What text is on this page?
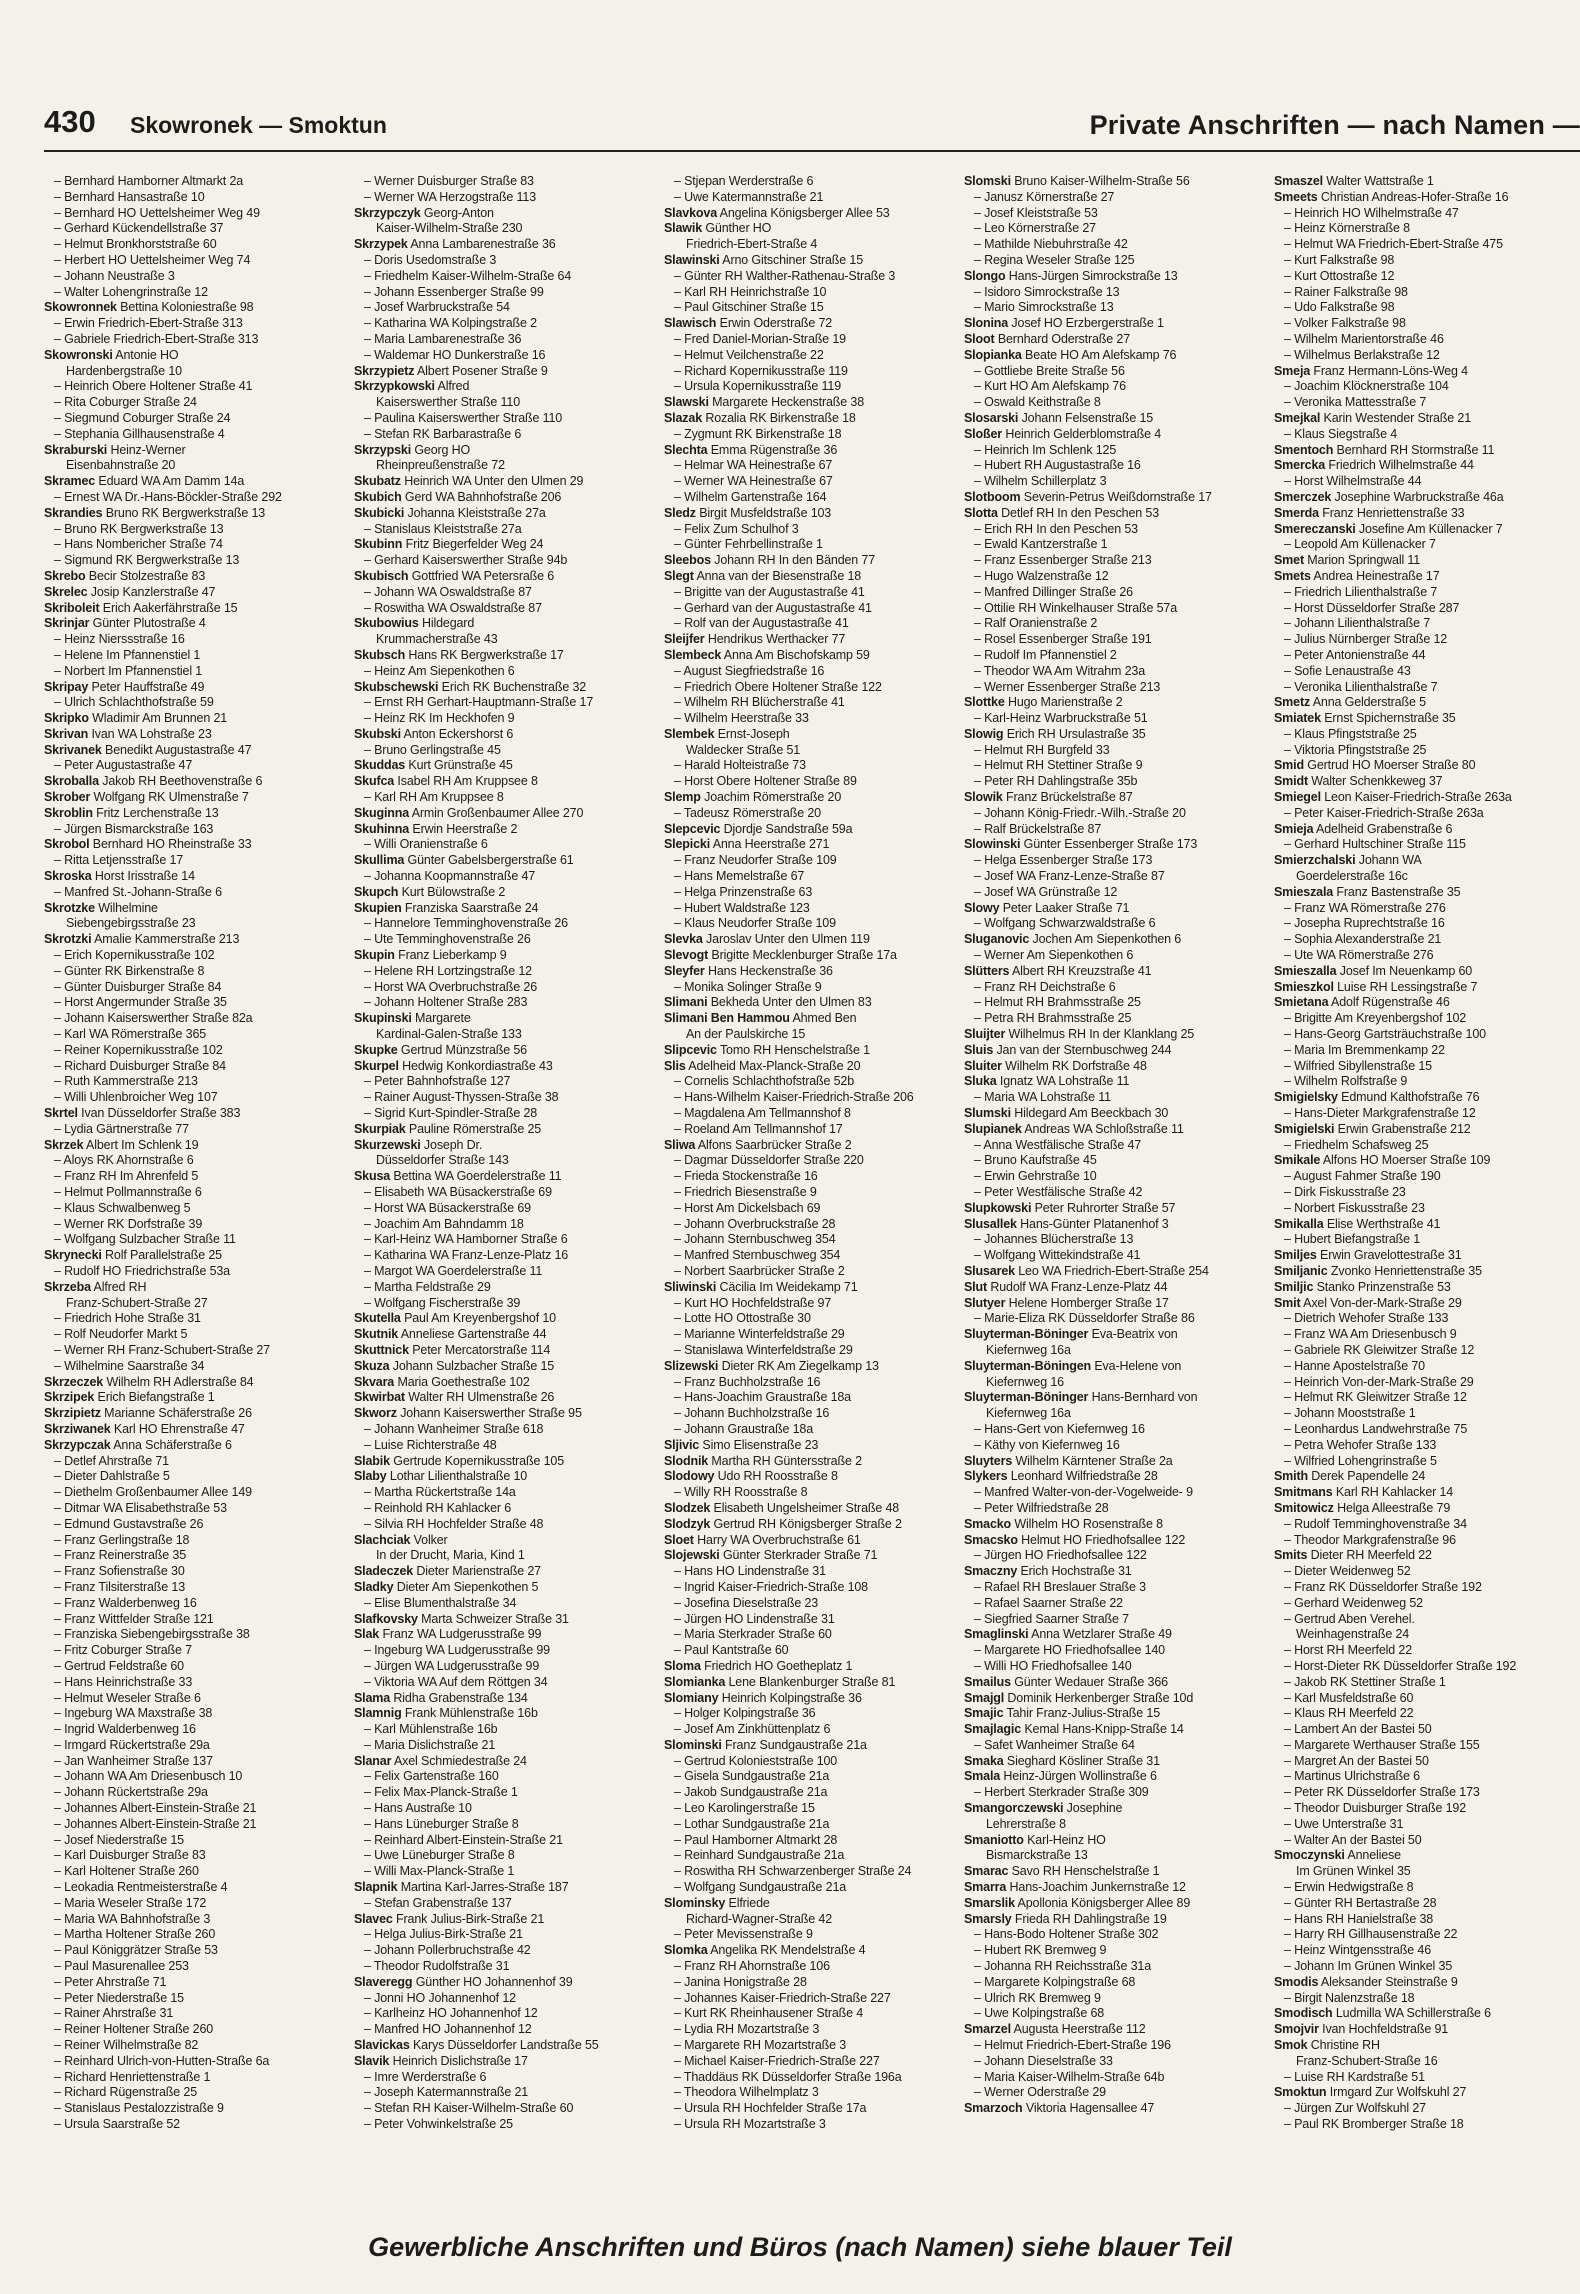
430 Skowronek — Smoktun	Private Anschriften — nach Namen —
– Bernhard Hamborner Altmarkt 2a
– Bernhard Hansastraße 10
– Bernhard HO Uettelsheimer Weg 49
– Gerhard Kückendellstraße 37
– Helmut Bronkhorststraße 60
– Herbert HO Uettelsheimer Weg 74
– Johann Neustraße 3
– Walter Lohengrinstraße 12
Skowronnek Bettina Koloniestraße 98
– Erwin Friedrich-Ebert-Straße 313
– Gabriele Friedrich-Ebert-Straße 313
Skowronski Antonie HO
Hardenbergstraße 10
– Heinrich Obere Holtener Straße 41
– Rita Coburger Straße 24
– Siegmund Coburger Straße 24
– Stephania Gillhausenstraße 4
Skraburski Heinz-Werner
Eisenbahnstraße 20
Skramec Eduard WA Am Damm 14a
– Ernest WA Dr.-Hans-Böckler-Straße 292
Skrandies Bruno RK Bergwerkstraße 13
– Bruno RK Bergwerkstraße 13
– Hans Nombericher Straße 74
– Sigmund RK Bergwerkstraße 13
Skrebo Becir Stolzestraße 83
Skrelec Josip Kanzlerstraße 47
Skriboleit Erich Aakerfährstraße 15
Skrinjar Günter Plutostraße 4
– Heinz Nierssstraße 16
– Helene Im Pfannenstiel 1
– Norbert Im Pfannenstiel 1
Skripay Peter Hauffstraße 49
– Ulrich Schlachthofstraße 59
Skripko Wladimir Am Brunnen 21
Skrivan Ivan WA Lohstraße 23
Skrivanek Benedikt Augustastraße 47
– Peter Augustastraße 47
Skroballa Jakob RH Beethovenstraße 6
Skrober Wolfgang RK Ulmenstraße 7
Skroblin Fritz Lerchenstraße 13
– Jürgen Bismarckstraße 163
Skrobol Bernhard HO Rheinstraße 33
– Ritta Letjensstraße 17
Skroska Horst Irisstraße 14
– Manfred St.-Johann-Straße 6
Skrotzke Wilhelmine
Siebengebirgsstraße 23
Skrotzki Amalie Kammerstraße 213
– Erich Kopernikusstraße 102
– Günter RK Birkenstraße 8
– Günter Duisburger Straße 84
– Horst Angermunder Straße 35
– Johann Kaiserswerther Straße 82a
– Karl WA Römerstraße 365
– Reiner Kopernikusstraße 102
– Richard Duisburger Straße 84
– Ruth Kammerstraße 213
– Willi Uhlenbroicher Weg 107
Skrtel Ivan Düsseldorfer Straße 383
– Lydia Gärtnerstraße 77
Skrzek Albert Im Schlenk 19
– Aloys RK Ahornstraße 6
– Franz RH Im Ahrenfeld 5
– Helmut Pollmannstraße 6
– Klaus Schwalbenweg 5
– Werner RK Dorfstraße 39
– Wolfgang Sulzbacher Straße 11
Skrynecki Rolf Parallelstraße 25
– Rudolf HO Friedrichstraße 53a
Skrzeba Alfred RH
Franz-Schubert-Straße 27
– Friedrich Hohe Straße 31
– Rolf Neudorfer Markt 5
– Werner RH Franz-Schubert-Straße 27
– Wilhelmine Saarstraße 34
Skrzeczek Wilhelm RH Adlerstraße 84
Skrzipek Erich Biefangstraße 1
Skrzipietz Marianne Schäferstraße 26
Skrziwanek Karl HO Ehrenstraße 47
Skrzypczak Anna Schäferstraße 6
– Detlef Ahrstraße 71
– Dieter Dahlstraße 5
– Diethelm Großenbaumer Allee 149
– Ditmar WA Elisabethstraße 53
– Edmund Gustavstraße 26
– Franz Gerlingstraße 18
– Franz Reinerstraße 35
– Franz Sofienstraße 30
– Franz Tilsiterstraße 13
– Franz Walderbenweg 16
– Franz Wittfelder Straße 121
– Franziska Siebengebirgsstraße 38
– Fritz Coburger Straße 7
– Gertrud Feldstraße 60
– Hans Heinrichstraße 33
– Helmut Weseler Straße 6
– Ingeburg WA Maxstraße 38
– Ingrid Walderbenweg 16
– Irmgard Rückertstraße 29a
– Jan Wanheimer Straße 137
– Johann WA Am Driesenbusch 10
– Johann Rückertstraße 29a
– Johannes Albert-Einstein-Straße 21
– Johannes Albert-Einstein-Straße 21
– Josef Niederstraße 15
– Karl Duisburger Straße 83
– Karl Holtener Straße 260
– Leokadia Rentmeisterstraße 4
– Maria Weseler Straße 172
– Maria WA Bahnhofstraße 3
– Martha Holtener Straße 260
– Paul Königgrätzer Straße 53
– Paul Masurenallee 253
– Peter Ahrstraße 71
– Peter Niederstraße 15
– Rainer Ahrstraße 31
– Reiner Holtener Straße 260
– Reiner Wilhelmstraße 82
– Reinhard Ulrich-von-Hutten-Straße 6a
– Richard Henriettenstraße 1
– Richard Rügenstraße 25
– Stanislaus Pestalozzistraße 9
– Ursula Saarstraße 52
– Werner Duisburger Straße 83
– Werner WA Herzogstraße 113
Skrzypczyk Georg-Anton
Kaiser-Wilhelm-Straße 230
Skrzypek Anna Lambarenestraße 36
– Doris Usedomstraße 3
– Friedhelm Kaiser-Wilhelm-Straße 64
– Johann Essenberger Straße 99
– Josef Warbruckstraße 54
– Katharina WA Kolpingstraße 2
– Maria Lambarenestraße 36
– Waldemar HO Dunkerstraße 16
Skrzypietz Albert Posener Straße 9
Skrzypkowski Alfred
Kaiserswerther Straße 110
– Paulina Kaiserswerther Straße 110
– Stefan RK Barbarastraße 6
Skrzypski Georg HO
Rheinpreußenstraße 72
Skubatz Heinrich WA Unter den Ulmen 29
Skubich Gerd WA Bahnhofstraße 206
Skubicki Johanna Kleiststraße 27a
– Stanislaus Kleiststraße 27a
Skubinn Fritz Biegerfelder Weg 24
– Gerhard Kaiserswerther Straße 94b
Skubisch Gottfried WA Petersraße 6
– Johann WA Oswaldstraße 87
– Roswitha WA Oswaldstraße 87
Skubowius Hildegard
Krummacherstraße 43
Skubsch Hans RK Bergwerkstraße 17
– Heinz Am Siepenkothen 6
Skubschewski Erich RK Buchenstraße 32
– Ernst RH Gerhart-Hauptmann-Straße 17
– Heinz RK Im Heckhofen 9
Skubski Anton Eckershorst 6
– Bruno Gerlingstraße 45
Skuddas Kurt Grünstraße 45
Skufca Isabel RH Am Kruppsee 8
– Karl RH Am Kruppsee 8
Skuginna Armin Großenbaumer Allee 270
Skuhinna Erwin Heerstraße 2
– Willi Oranienstraße 6
Skullima Günter Gabelsbergerstraße 61
– Johanna Koopmannstraße 47
Skupch Kurt Bülowstraße 2
Skupien Franziska Saarstraße 24
– Hannelore Temminghovenstraße 26
– Ute Temminghovenstraße 26
Skupin Franz Lieberkamp 9
– Helene RH Lortzingstraße 12
– Horst WA Overbruchstraße 26
– Johann Holtener Straße 283
Skupinski Margarete
Kardinal-Galen-Straße 133
Skupke Gertrud Münzstraße 56
Skurpel Hedwig Konkordiastraße 43
– Peter Bahnhofstraße 127
– Rainer August-Thyssen-Straße 38
– Sigrid Kurt-Spindler-Straße 28
Skurpiak Pauline Römerstraße 25
Skurzewski Joseph Dr.
Düsseldorfer Straße 143
Skusa Bettina WA Goerdelerstraße 11
– Elisabeth WA Büsackerstraße 69
– Horst WA Büsackerstraße 69
– Joachim Am Bahndamm 18
– Karl-Heinz WA Hamborner Straße 6
– Katharina WA Franz-Lenze-Platz 16
– Margot WA Goerdelerstraße 11
– Martha Feldstraße 29
– Wolfgang Fischerstraße 39
Skutella Paul Am Kreyenbergshof 10
Skutnik Anneliese Gartenstraße 44
Skuttnick Peter Mercatorstraße 114
Skuza Johann Sulzbacher Straße 15
Skvara Maria Goethestraße 102
Skwirbat Walter RH Ulmenstraße 26
Skworz Johann Kaiserswerther Straße 95
– Johann Wanheimer Straße 618
– Luise Richterstraße 48
Slabik Gertrude Kopernikusstraße 105
Slaby Lothar Lilienthalstraße 10
– Martha Rückertstraße 14a
– Reinhold RH Kahlacker 6
– Silvia RH Hochfelder Straße 48
Slachciak Volker
In der Drucht, Maria, Kind 1
Sladeczek Dieter Marienstraße 27
Sladky Dieter Am Siepenkothen 5
– Elise Blumenthalstraße 34
Slafkovsky Marta Schweizer Straße 31
Slak Franz WA Ludgerusstraße 99
– Ingeburg WA Ludgerusstraße 99
– Jürgen WA Ludgerusstraße 99
– Viktoria WA Auf dem Röttgen 34
Slama Ridha Grabenstraße 134
Slamnig Frank Mühlenstraße 16b
– Karl Mühlenstraße 16b
– Maria Dislichstraße 21
Slanar Axel Schmiedestraße 24
– Felix Gartenstraße 160
– Felix Max-Planck-Straße 1
– Hans Austraße 10
– Hans Lüneburger Straße 8
– Reinhard Albert-Einstein-Straße 21
– Uwe Lüneburger Straße 8
– Willi Max-Planck-Straße 1
Slapnik Martina Karl-Jarres-Straße 187
– Stefan Grabenstraße 137
Slavec Frank Julius-Birk-Straße 21
– Helga Julius-Birk-Straße 21
– Johann Pollerbruchstraße 42
– Theodor Rudolfstraße 31
Slaveregg Günther HO Johannenhof 39
– Jonni HO Johannenhof 12
– Karlheinz HO Johannenhof 12
– Manfred HO Johannenhof 12
Slavickas Karys Düsseldorfer Landstraße 55
Slavik Heinrich Dislichstraße 17
– Imre Werderstraße 6
– Joseph Katermannstraße 21
– Stefan RH Kaiser-Wilhelm-Straße 60
– Peter Vohwinkelstraße 25
– Stjepan Werderstraße 6
– Uwe Katermannstraße 21
Slavkova Angelina Königsberger Allee 53
Slawik Günther HO
Friedrich-Ebert-Straße 4
Slawinski Arno Gitschiner Straße 15
– Günter RH Walther-Rathenau-Straße 3
– Karl RH Heinrichstraße 10
– Paul Gitschiner Straße 15
Slawisch Erwin Oderstraße 72
– Fred Daniel-Morian-Straße 19
– Helmut Veilchenstraße 22
– Richard Kopernikusstraße 119
– Ursula Kopernikusstraße 119
Slawski Margarete Heckenstraße 38
Slazak Rozalia RK Birkenstraße 18
– Zygmunt RK Birkenstraße 18
Slechta Emma Rügenstraße 36
– Helmar WA Heinestraße 67
– Werner WA Heinestraße 67
– Wilhelm Gartenstraße 164
Sledz Birgit Musfeldstraße 103
– Felix Zum Schulhof 3
– Günter Fehrbellinstraße 1
Sleebos Johann RH In den Bänden 77
Slegt Anna van der Biesenstraße 18
– Brigitte van der Augustastraße 41
– Gerhard van der Augustastraße 41
– Rolf van der Augustastraße 41
Sleijfer Hendrikus Werthacker 77
Slembeck Anna Am Bischofskamp 59
– August Siegfriedstraße 16
– Friedrich Obere Holtener Straße 122
– Wilhelm RH Blücherstraße 41
– Wilhelm Heerstraße 33
Slembek Ernst-Joseph
Waldecker Straße 51
– Harald Holteistraße 73
– Horst Obere Holtener Straße 89
Slemp Joachim Römerstraße 20
– Tadeusz Römerstraße 20
Slepcevic Djordje Sandstraße 59a
Slepicki Anna Heerstraße 271
– Franz Neudorfer Straße 109
– Hans Memelstraße 67
– Helga Prinzenstraße 63
– Hubert Waldstraße 123
– Klaus Neudorfer Straße 109
Slevka Jaroslav Unter den Ulmen 119
Slevogt Brigitte Mecklenburger Straße 17a
Sleyfer Hans Heckenstraße 36
– Monika Solinger Straße 9
Slimani Bekheda Unter den Ulmen 83
Slimani Ben Hammou Ahmed Ben
An der Paulskirche 15
Slipcevic Tomo RH Henschelstraße 1
Slis Adelheid Max-Planck-Straße 20
– Cornelis Schlachthofstraße 52b
– Hans-Wilhelm Kaiser-Friedrich-Straße 206
– Magdalena Am Tellmannshof 8
– Roeland Am Tellmannshof 17
Sliwa Alfons Saarbrücker Straße 2
– Dagmar Düsseldorfer Straße 220
– Frieda Stockenstraße 16
– Friedrich Biesenstraße 9
– Horst Am Dickelsbach 69
– Johann Overbruckstraße 28
– Johann Sternbuschweg 354
– Manfred Sternbuschweg 354
– Norbert Saarbrücker Straße 2
Sliwinski Cäcilia Im Weidekamp 71
– Kurt HO Hochfeldstraße 97
– Lotte HO Ottostraße 30
– Marianne Winterfeldstraße 29
– Stanislawa Winterfeldstraße 29
Slizewski Dieter RK Am Ziegelkamp 13
– Franz Buchholzstraße 16
– Hans-Joachim Graustraße 18a
– Johann Buchholzstraße 16
– Johann Graustraße 18a
Sljivic Simo Elisenstraße 23
Slodnik Martha RH Güntersstraße 2
Slodowy Udo RH Roosstraße 8
– Willy RH Roosstraße 8
Slodzek Elisabeth Ungelsheimer Straße 48
Slodzyk Gertrud RH Königsberger Straße 2
Sloet Harry WA Overbruchstraße 61
Slojewski Günter Sterkrader Straße 71
– Hans HO Lindenstraße 31
– Ingrid Kaiser-Friedrich-Straße 108
– Josefina Dieselstraße 23
– Jürgen HO Lindenstraße 31
– Maria Sterkrader Straße 60
– Paul Kantstraße 60
Sloma Friedrich HO Goetheplatz 1
Slomianka Lene Blankenburger Straße 81
Slomiany Heinrich Kolpingstraße 36
– Holger Kolpingstraße 36
– Josef Am Zinkhüttenplatz 6
Slominski Franz Sundgaustraße 21a
– Gertrud Kolonieststraße 100
– Gisela Sundgaustraße 21a
– Jakob Sundgaustraße 21a
– Leo Karolingerstraße 15
– Lothar Sundgaustraße 21a
– Paul Hamborner Altmarkt 28
– Reinhard Sundgaustraße 21a
– Roswitha RH Schwarzenberger Straße 24
– Wolfgang Sundgaustraße 21a
Slominsky Elfriede
Richard-Wagner-Straße 42
– Peter Mevissenstraße 9
Slomka Angelika RK Mendelstraße 4
– Franz RH Ahornstraße 106
– Janina Honigstraße 28
– Johannes Kaiser-Friedrich-Straße 227
– Kurt RK Rheinhausener Straße 4
– Lydia RH Mozartstraße 3
– Margarete RH Mozartstraße 3
– Michael Kaiser-Friedrich-Straße 227
– Thaddäus RK Düsseldorfer Straße 196a
– Theodora Wilhelmplatz 3
– Ursula RH Hochfelder Straße 17a
– Ursula RH Mozartstraße 3
Slomski Bruno Kaiser-Wilhelm-Straße 56
– Janusz Körnerstraße 27
– Josef Kleiststraße 53
– Leo Körnerstraße 27
– Mathilde Niebuhrstraße 42
– Regina Weseler Straße 125
Slongo Hans-Jürgen Simrockstraße 13
– Isidoro Simrockstraße 13
– Mario Simrockstraße 13
Slonina Josef HO Erzbergerstraße 1
Sloot Bernhard Oderstraße 27
Slopianka Beate HO Am Alefskamp 76
– Gottliebe Breite Straße 56
– Kurt HO Am Alefskamp 76
– Oswald Keithstraße 8
Slosarski Johann Felsenstraße 15
Sloßer Heinrich Gelderblomstraße 4
– Heinrich Im Schlenk 125
– Hubert RH Augustastraße 16
– Wilhelm Schillerplatz 3
Slotboom Severin-Petrus Weißdornstraße 17
Slotta Detlef RH In den Peschen 53
– Erich RH In den Peschen 53
– Ewald Kantzerstraße 1
– Franz Essenberger Straße 213
– Hugo Walzenstraße 12
– Manfred Dillinger Straße 26
– Ottilie RH Winkelhauser Straße 57a
– Ralf Oranienstraße 2
– Rosel Essenberger Straße 191
– Rudolf Im Pfannenstiel 2
– Theodor WA Am Witrahm 23a
– Werner Essenberger Straße 213
Slottke Hugo Marienstraße 2
– Karl-Heinz Warbruckstraße 51
Slowig Erich RH Ursulastraße 35
– Helmut RH Burgfeld 33
– Helmut RH Stettiner Straße 9
– Peter RH Dahlingstraße 35b
Slowik Franz Brückelstraße 87
– Johann König-Friedr.-Wilh.-Straße 20
– Ralf Brückelstraße 87
Slowinski Günter Essenberger Straße 173
– Helga Essenberger Straße 173
– Josef WA Franz-Lenze-Straße 87
– Josef WA Grünstraße 12
Slowy Peter Laaker Straße 71
– Wolfgang Schwarzwaldstraße 6
Sluganovic Jochen Am Siepenkothen 6
– Werner Am Siepenkothen 6
Slütters Albert RH Kreuzstraße 41
– Franz RH Deichstraße 6
– Helmut RH Brahmsstraße 25
– Petra RH Brahmsstraße 25
Sluijter Wilhelmus RH In der Klanklang 25
Sluis Jan van der Sternbuschweg 244
Sluiter Wilhelm RK Dorfstraße 48
Sluka Ignatz WA Lohstraße 11
– Maria WA Lohstraße 11
Slumski Hildegard Am Beeckbach 30
Slupianek Andreas WA Schloßstraße 11
– Anna Westfälische Straße 47
– Bruno Kaufstraße 45
– Erwin Gehrstraße 10
– Peter Westfälische Straße 42
Slupkowski Peter Ruhrorter Straße 57
Slusallek Hans-Günter Platanenhof 3
– Johannes Blücherstraße 13
– Wolfgang Wittekindstraße 41
Slusarek Leo WA Friedrich-Ebert-Straße 254
Slut Rudolf WA Franz-Lenze-Platz 44
Slutyer Helene Homberger Straße 17
– Marie-Eliza RK Düsseldorfer Straße 86
Sluyterman-Böninger Eva-Beatrix von
Kiefernweg 16a
Sluyterman-Böningen Eva-Helene von
Kiefernweg 16
Sluyterman-Böninger Hans-Bernhard von
Kiefernweg 16a
– Hans-Gert von Kiefernweg 16
– Käthy von Kiefernweg 16
Sluyters Wilhelm Kärntener Straße 2a
Slykers Leonhard Wilfriedstraße 28
– Manfred Walter-von-der-Vogelweide- 9
– Peter Wilfriedstraße 28
Smacko Wilhelm HO Rosenstraße 8
Smacsko Helmut HO Friedhofsallee 122
– Jürgen HO Friedhofsallee 122
Smaczny Erich Hochstraße 31
– Rafael RH Breslauer Straße 3
– Rafael Saarner Straße 22
– Siegfried Saarner Straße 7
Smaglinski Anna Wetzlarer Straße 49
– Margarete HO Friedhofsallee 140
– Willi HO Friedhofsallee 140
Smailus Günter Wedauer Straße 366
Smajgl Dominik Herkenberger Straße 10d
Smajic Tahir Franz-Julius-Straße 15
Smajlagic Kemal Hans-Knipp-Straße 14
– Safet Wanheimer Straße 64
Smaka Sieghard Kösliner Straße 31
Smala Heinz-Jürgen Wollinstraße 6
– Herbert Sterkrader Straße 309
Smangorczewski Josephine
Lehrerstraße 8
Smaniotto Karl-Heinz HO
Bismarckstraße 13
Smarac Savo RH Henschelstraße 1
Smarra Hans-Joachim Junkernstraße 12
Smarslik Apollonia Königsberger Allee 89
Smarsly Frieda RH Dahlingstraße 19
– Hans-Bodo Holtener Straße 302
– Hubert RK Bremweg 9
– Johanna RH Reichsstraße 31a
– Margarete Kolpingstraße 68
– Ulrich RK Bremweg 9
– Uwe Kolpingstraße 68
Smarzel Augusta Heerstraße 112
– Helmut Friedrich-Ebert-Straße 196
– Johann Dieselstraße 33
– Maria Kaiser-Wilhelm-Straße 64b
– Werner Oderstraße 29
Smarzoch Viktoria Hagensallee 47
Smaszel Walter Wattstraße 1
Smeets Christian Andreas-Hofer-Straße 16
– Heinrich HO Wilhelmstraße 47
– Heinz Körnerstraße 8
– Helmut WA Friedrich-Ebert-Straße 475
– Kurt Falkstraße 98
– Kurt Ottostraße 12
– Rainer Falkstraße 98
– Udo Falkstraße 98
– Volker Falkstraße 98
– Wilhelm Marientorstraße 46
– Wilhelmus Berlakstraße 12
Smeja Franz Hermann-Löns-Weg 4
– Joachim Klöcknerstraße 104
– Veronika Mattesstraße 7
Smejkal Karin Westender Straße 21
– Klaus Siegstraße 4
Smentoch Bernhard RH Stormstraße 11
Smercka Friedrich Wilhelmstraße 44
– Horst Wilhelmstraße 44
Smerczek Josephine Warbruckstraße 46a
Smerda Franz Henriettenstraße 33
Smereczanski Josefine Am Küllenacker 7
– Leopold Am Küllenacker 7
Smet Marion Springwall 11
Smets Andrea Heinestraße 17
– Friedrich Lilienthalstraße 7
– Horst Düsseldorfer Straße 287
– Johann Lilienthalstraße 7
– Julius Nürnberger Straße 12
– Peter Antonienstraße 44
– Sofie Lenaustraße 43
– Veronika Lilienthalstraße 7
Smetz Anna Gelderstraße 5
Smiatek Ernst Spichernstraße 35
– Klaus Pfingststraße 25
– Viktoria Pfingststraße 25
Smid Gertrud HO Moerser Straße 80
Smidt Walter Schenkkeweg 37
Smiegel Leon Kaiser-Friedrich-Straße 263a
– Peter Kaiser-Friedrich-Straße 263a
Smieja Adelheid Grabenstraße 6
– Gerhard Hultschiner Straße 115
Smierzchalski Johann WA
Goerdelerstraße 16c
Smieszala Franz Bastenstraße 35
– Franz WA Römerstraße 276
– Josepha Ruprechtstraße 16
– Sophia Alexanderstraße 21
– Ute WA Römerstraße 276
Smieszalla Josef Im Neuenkamp 60
Smieszkol Luise RH Lessingstraße 7
Smietana Adolf Rügenstraße 46
– Brigitte Am Kreyenbergshof 102
– Hans-Georg Gartsträuchstraße 100
– Maria Im Bremmenkamp 22
– Wilfried Sibyllenstraße 15
– Wilhelm Rolfstraße 9
Smigielsky Edmund Kalthofstraße 76
– Hans-Dieter Markgrafenstraße 12
Smigielski Erwin Grabenstraße 212
– Friedhelm Schafsweg 25
Smikale Alfons HO Moerser Straße 109
– August Fahmer Straße 190
– Dirk Fiskusstraße 23
– Norbert Fiskusstraße 23
Smikalla Elise Werthstraße 41
– Hubert Biefangstraße 1
Smiljes Erwin Gravelottestraße 31
Smiljanic Zvonko Henriettenstraße 35
Smiljic Stanko Prinzenstraße 53
Smit Axel Von-der-Mark-Straße 29
– Dietrich Wehofer Straße 133
– Franz WA Am Driesenbusch 9
– Gabriele RK Gleiwitzer Straße 12
– Hanne Apostelstraße 70
– Heinrich Von-der-Mark-Straße 29
– Helmut RK Gleiwitzer Straße 12
– Johann Mooststraße 1
– Leonhardus Landwehrstraße 75
– Petra Wehofer Straße 133
– Wilfried Lohengrinstraße 5
Smith Derek Papendelle 24
Smitmans Karl RH Kahlacker 14
Smitowicz Helga Alleestraße 79
– Rudolf Temminghovenstraße 34
– Theodor Markgrafenstraße 96
Smits Dieter RH Meerfeld 22
– Dieter Weidenweg 52
– Franz RK Düsseldorfer Straße 192
– Gerhard Weidenweg 52
– Gertrud Aben Verehel.
Weinhagenstraße 24
– Horst RH Meerfeld 22
– Horst-Dieter RK Düsseldorfer Straße 192
– Jakob RK Stettiner Straße 1
– Karl Musfeldstraße 60
– Klaus RH Meerfeld 22
– Lambert An der Bastei 50
– Margarete Werthauser Straße 155
– Margret An der Bastei 50
– Martinus Ulrichstraße 6
– Peter RK Düsseldorfer Straße 173
– Theodor Duisburger Straße 192
– Uwe Unterstraße 31
– Walter An der Bastei 50
Smoczynski Anneliese
Im Grünen Winkel 35
– Erwin Hedwigstraße 8
– Günter RH Bertastraße 28
– Hans RH Hanielstraße 38
– Harry RH Gillhausenstraße 22
– Heinz Wintgensstraße 46
– Johann Im Grünen Winkel 35
Smodis Aleksander Steinstraße 9
– Birgit Nalenzstraße 18
Smodisch Ludmilla WA Schillerstraße 6
Smojvir Ivan Hochfeldstraße 91
Smok Christine RH
Franz-Schubert-Straße 16
– Luise RH Kardstraße 51
Smoktun Irmgard Zur Wolfskuhl 27
– Jürgen Zur Wolfskuhl 27
– Paul RK Bromberger Straße 18
Gewerbliche Anschriften und Büros (nach Namen) siehe blauer Teil
